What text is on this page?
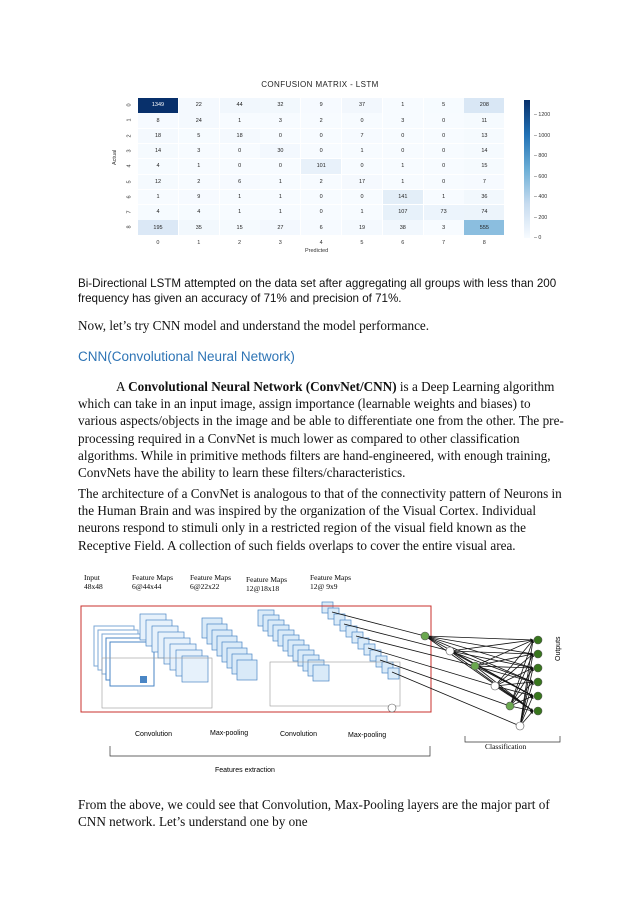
CONFUSION MATRIX - LSTM
1349	22	44	32	9	37	1	5	208
8	24	1	3	2	0	3	0	11
18	5	18	0	0	7	0	0	13
14	3	0	30	0	1	0	0	14
4	1	0	0	101	0	1	0	15
12	2	6	1	2	17	1	0	7
1	9	1	1	0	0	141	1	36
4	4	1	1	0	1	107	73	74
195	35	15	27	6	19	38	3	555
0
1
2
3
4
5
6
7
8
0	1	2	3	4	5	6	7	8
Actual
Predicted
– 1200
– 1000
– 800
– 600
– 400
– 200
– 0
Bi-Directional LSTM attempted on the data set after aggregating all groups with less than 200 frequency has given an accuracy of 71% and precision of 71%.
Now, let’s try CNN model and understand the model performance.
CNN(Convolutional Neural Network)
A Convolutional Neural Network (ConvNet/CNN) is a Deep Learning algorithm which can take in an input image, assign importance (learnable weights and biases) to various aspects/objects in the image and be able to differentiate one from the other. The pre-processing required in a ConvNet is much lower as compared to other classification algorithms. While in primitive methods filters are hand-engineered, with enough training, ConvNets have the ability to learn these filters/characteristics.
The architecture of a ConvNet is analogous to that of the connectivity pattern of Neurons in the Human Brain and was inspired by the organization of the Visual Cortex. Individual neurons respond to stimuli only in a restricted region of the visual field known as the Receptive Field. A collection of such fields overlaps to cover the entire visual area.
Input
48x48
Feature Maps
6@44x44
Feature Maps
6@22x22
Feature Maps
12@18x18
Feature Maps
12@ 9x9
Convolution	Max-pooling	Convolution	Max-pooling
Classification
Outputs
Features extraction
From the above, we could see that Convolution, Max-Pooling layers are the major part of CNN network. Let’s understand one by one
